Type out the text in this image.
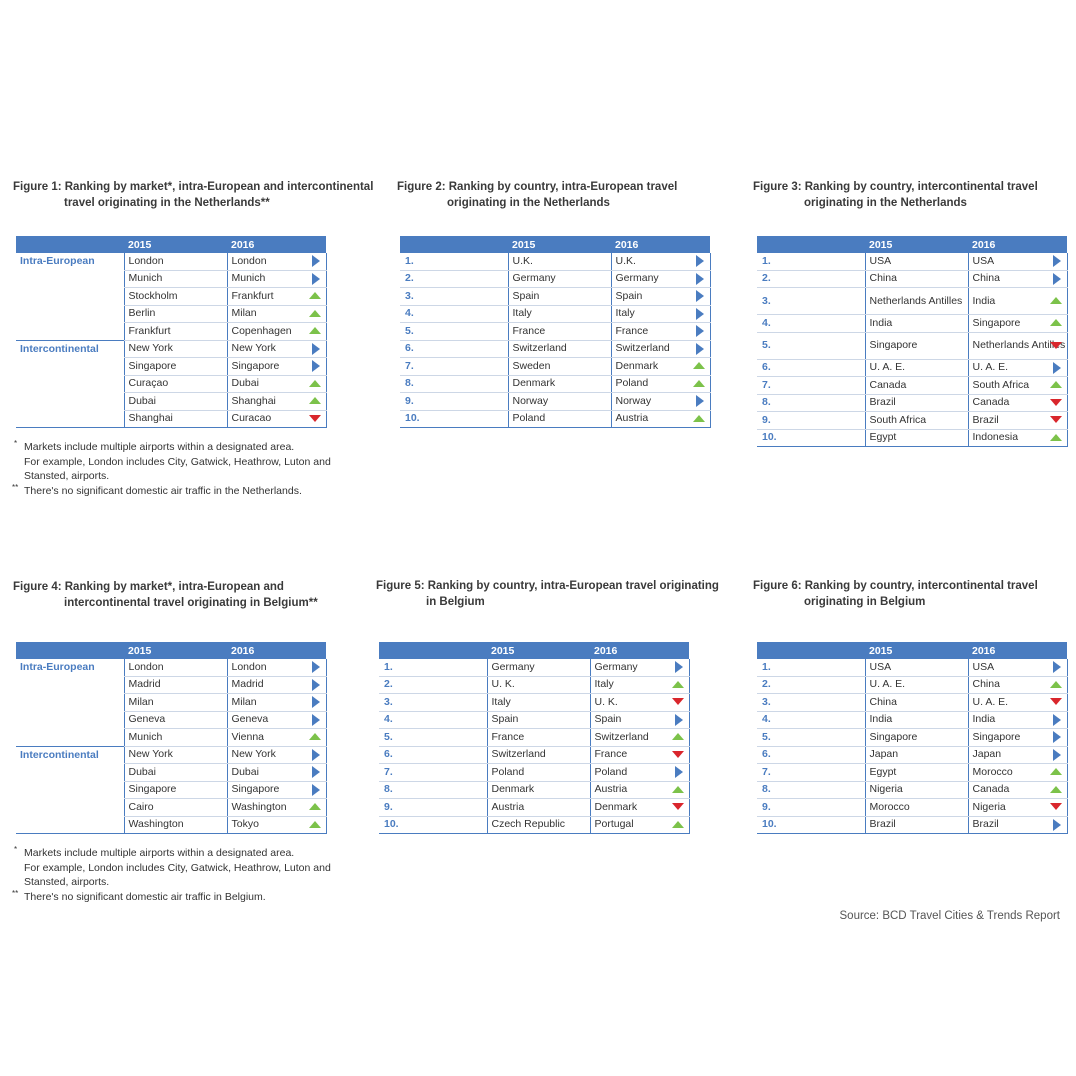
Figure 1: Ranking by market*, intra-European and intercontinental
travel originating in the Netherlands**
	2015	2016
Intra-European	London	London

	Munich	Munich

	Stockholm	Frankfurt

	Berlin	Milan

	Frankfurt	Copenhagen

Intercontinental	New York	New York

	Singapore	Singapore

	Curaçao	Dubai

	Dubai	Shanghai

	Shanghai	Curacao
* Markets include multiple airports within a designated area.
For example, London includes City, Gatwick, Heathrow, Luton and
Stansted, airports.
** There's no significant domestic air traffic in the Netherlands.
Figure 2: Ranking by country, intra-European travel
originating in the Netherlands
	2015	2016
1.	U.K.	U.K.

2.	Germany	Germany

3.	Spain	Spain

4.	Italy	Italy

5.	France	France

6.	Switzerland	Switzerland

7.	Sweden	Denmark

8.	Denmark	Poland

9.	Norway	Norway

10.	Poland	Austria
Figure 3: Ranking by country, intercontinental travel
originating in the Netherlands
	2015	2016
1.	USA	USA

2.	China	China

3.	Netherlands Antilles	India

4.	India	Singapore

5.	Singapore	Netherlands Antilles

6.	U. A. E.	U. A. E.

7.	Canada	South Africa

8.	Brazil	Canada

9.	South Africa	Brazil

10.	Egypt	Indonesia
Figure 4: Ranking by market*, intra-European and
intercontinental travel originating in Belgium**
	2015	2016
Intra-European	London	London

	Madrid	Madrid

	Milan	Milan

	Geneva	Geneva

	Munich	Vienna

Intercontinental	New York	New York

	Dubai	Dubai

	Singapore	Singapore

	Cairo	Washington

	Washington	Tokyo
* Markets include multiple airports within a designated area.
For example, London includes City, Gatwick, Heathrow, Luton and
Stansted, airports.
** There's no significant domestic air traffic in Belgium.
Figure 5: Ranking by country, intra-European travel originating
in Belgium
	2015	2016
1.	Germany	Germany

2.	U. K.	Italy

3.	Italy	U. K.

4.	Spain	Spain

5.	France	Switzerland

6.	Switzerland	France

7.	Poland	Poland

8.	Denmark	Austria

9.	Austria	Denmark

10.	Czech Republic	Portugal
Figure 6: Ranking by country, intercontinental travel
originating in Belgium
	2015	2016
1.	USA	USA

2.	U. A. E.	China

3.	China	U. A. E.

4.	India	India

5.	Singapore	Singapore

6.	Japan	Japan

7.	Egypt	Morocco

8.	Nigeria	Canada

9.	Morocco	Nigeria

10.	Brazil	Brazil
Source: BCD Travel Cities & Trends Report
